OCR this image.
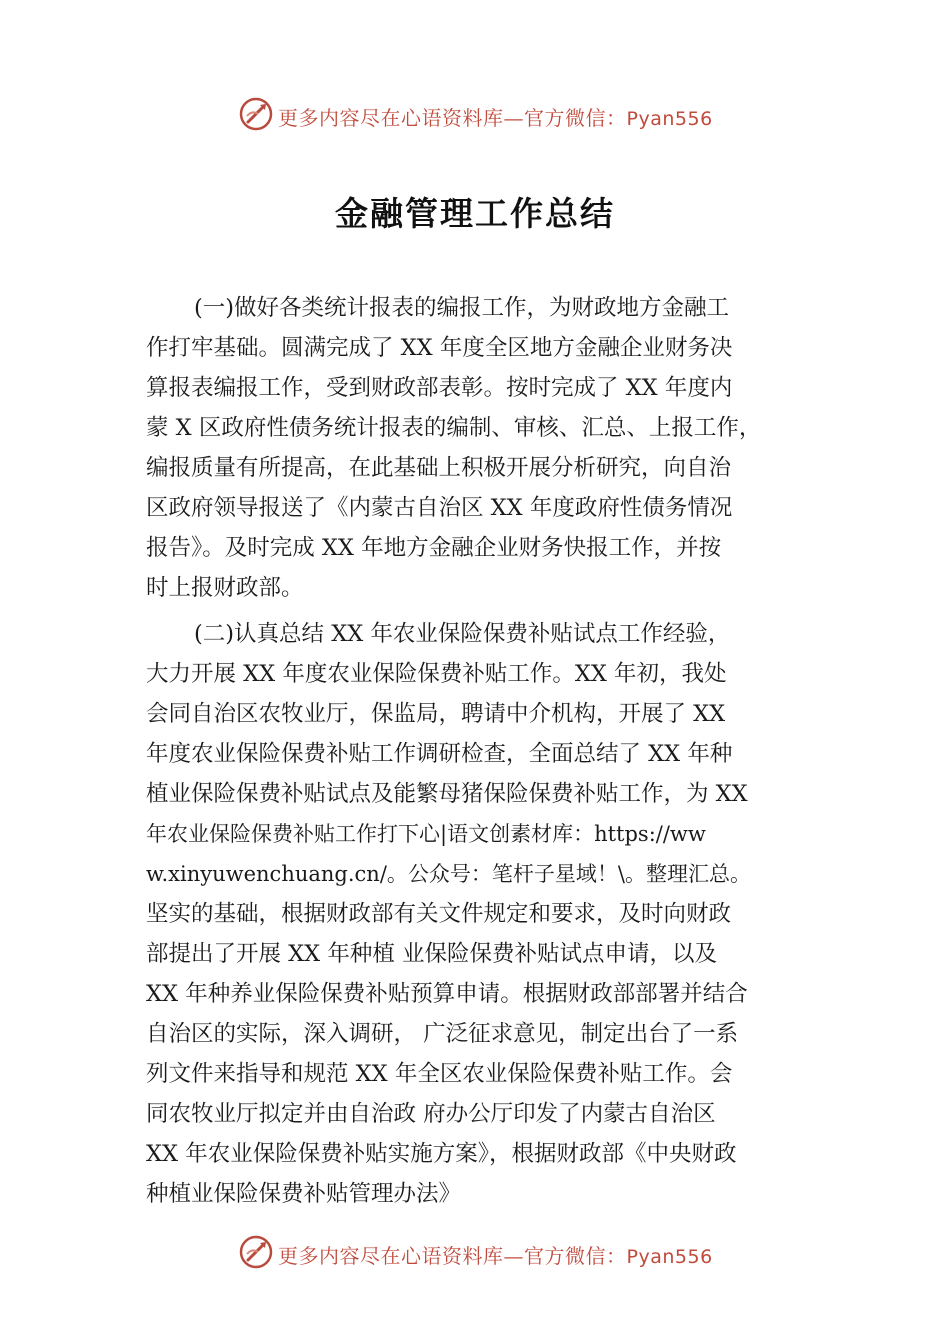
更多内容尽在心语资料库—官方微信：Pyan556
金融管理工作总结
(一)做好各类统计报表的编报工作，为财政地方金融工
作打牢基础。圆满完成了 XX 年度全区地方金融企业财务决
算报表编报工作，受到财政部表彰。按时完成了 XX 年度内
蒙 X 区政府性债务统计报表的编制、审核、汇总、上报工作，
编报质量有所提高，在此基础上积极开展分析研究，向自治
区政府领导报送了《内蒙古自治区 XX 年度政府性债务情况
报告》。及时完成 XX 年地方金融企业财务快报工作，并按
时上报财政部。
(二)认真总结 XX 年农业保险保费补贴试点工作经验，
大力开展 XX 年度农业保险保费补贴工作。XX 年初，我处
会同自治区农牧业厅，保监局，聘请中介机构，开展了 XX
年度农业保险保费补贴工作调研检查，全面总结了 XX 年种
植业保险保费补贴试点及能繁母猪保险保费补贴工作，为 XX
年农业保险保费补贴工作打下心|语文创素材库：https://ww
w.xinyuwenchuang.cn/。公众号：笔杆子星域！\。整理汇总。
坚实的基础，根据财政部有关文件规定和要求，及时向财政
部提出了开展 XX 年种植 业保险保费补贴试点申请，以及
XX 年种养业保险保费补贴预算申请。根据财政部部署并结合
自治区的实际，深入调研， 广泛征求意见，制定出台了一系
列文件来指导和规范 XX 年全区农业保险保费补贴工作。会
同农牧业厅拟定并由自治政 府办公厅印发了内蒙古自治区
XX 年农业保险保费补贴实施方案》，根据财政部《中央财政
种植业保险保费补贴管理办法》
更多内容尽在心语资料库—官方微信：Pyan556
